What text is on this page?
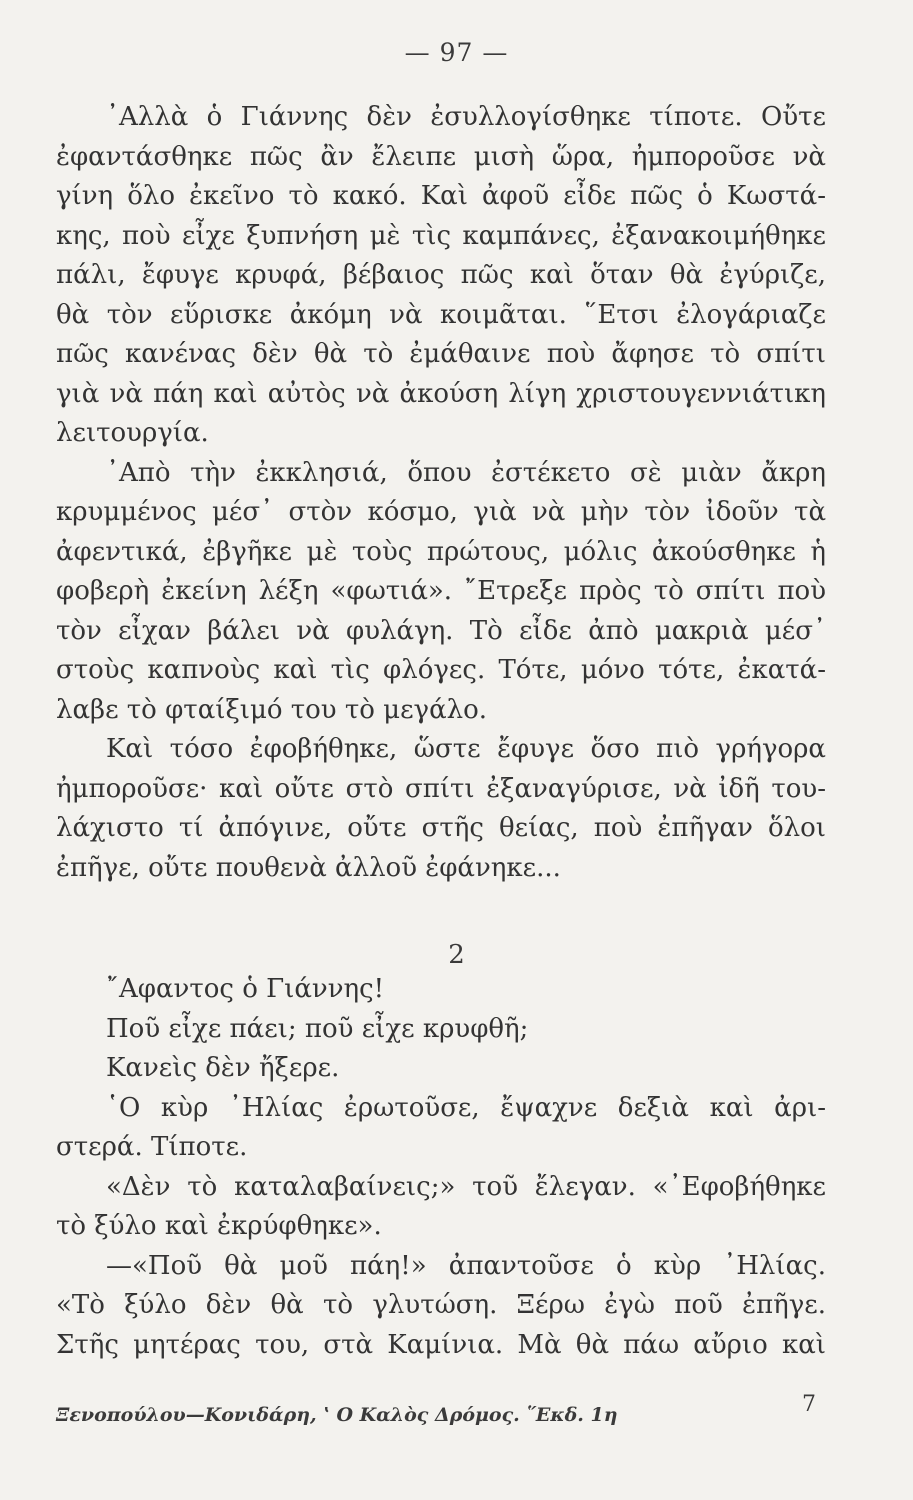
— 97 —
᾿Αλλὰ ὁ Γιάννης δὲν ἐσυλλογίσθηκε τίποτε. Οὔτε
ἐφαντάσθηκε πῶς ἂν ἔλειπε μισὴ ὥρα, ἠμποροῦσε νὰ
γίνη ὅλο ἐκεῖνο τὸ κακό. Καὶ ἀφοῦ εἶδε πῶς ὁ Κωστά-
κης, ποὺ εἶχε ξυπνήση μὲ τὶς καμπάνες, ἐξανακοιμήθηκε
πάλι, ἔφυγε κρυφά, βέβαιος πῶς καὶ ὅταν θὰ ἐγύριζε,
θὰ τὸν εὕρισκε ἀκόμη νὰ κοιμᾶται. ῞Ετσι ἐλογάριαζε
πῶς κανένας δὲν θὰ τὸ ἐμάθαινε ποὺ ἄφησε τὸ σπίτι
γιὰ νὰ πάη καὶ αὐτὸς νὰ ἀκούση λίγη χριστουγεννιάτικη
λειτουργία.
᾿Απὸ τὴν ἐκκλησιά, ὅπου ἐστέκετο σὲ μιὰν ἄκρη
κρυμμένος μέσ᾿ στὸν κόσμο, γιὰ νὰ μὴν τὸν ἰδοῦν τὰ
ἀφεντικά, ἐβγῆκε μὲ τοὺς πρώτους, μόλις ἀκούσθηκε ἡ
φοβερὴ ἐκείνη λέξη «φωτιά». ῎Ετρεξε πρὸς τὸ σπίτι ποὺ
τὸν εἶχαν βάλει νὰ φυλάγη. Τὸ εἶδε ἀπὸ μακριὰ μέσ᾿
στοὺς καπνοὺς καὶ τὶς φλόγες. Τότε, μόνο τότε, ἐκατά-
λαβε τὸ φταίξιμό του τὸ μεγάλο.
Καὶ τόσο ἐφοβήθηκε, ὥστε ἔφυγε ὅσο πιὸ γρήγορα
ἠμποροῦσε· καὶ οὔτε στὸ σπίτι ἐξαναγύρισε, νὰ ἰδῆ του-
λάχιστο τί ἀπόγινε, οὔτε στῆς θείας, ποὺ ἐπῆγαν ὅλοι
ἐπῆγε, οὔτε πουθενὰ ἀλλοῦ ἐφάνηκε...
2
῎Αφαντος ὁ Γιάννης!
Ποῦ εἶχε πάει; ποῦ εἶχε κρυφθῆ;
Κανεὶς δὲν ἤξερε.
῾Ο κὺρ ᾿Ηλίας ἐρωτοῦσε, ἔψαχνε δεξιὰ καὶ ἀρι-
στερά. Τίποτε.
«Δὲν τὸ καταλαβαίνεις;» τοῦ ἔλεγαν. «᾿Εφοβήθηκε
τὸ ξύλο καὶ ἐκρύφθηκε».
—«Ποῦ θὰ μοῦ πάη!» ἀπαντοῦσε ὁ κὺρ ᾿Ηλίας.
«Τὸ ξύλο δὲν θὰ τὸ γλυτώση. Ξέρω ἐγὼ ποῦ ἐπῆγε.
Στῆς μητέρας του, στὰ Καμίνια. Μὰ θὰ πάω αὔριο καὶ
Ξενοπούλου—Κονιδάρη, ʽ Ο Καλὸς Δρόμος. ῞Εκδ. 1η	7
